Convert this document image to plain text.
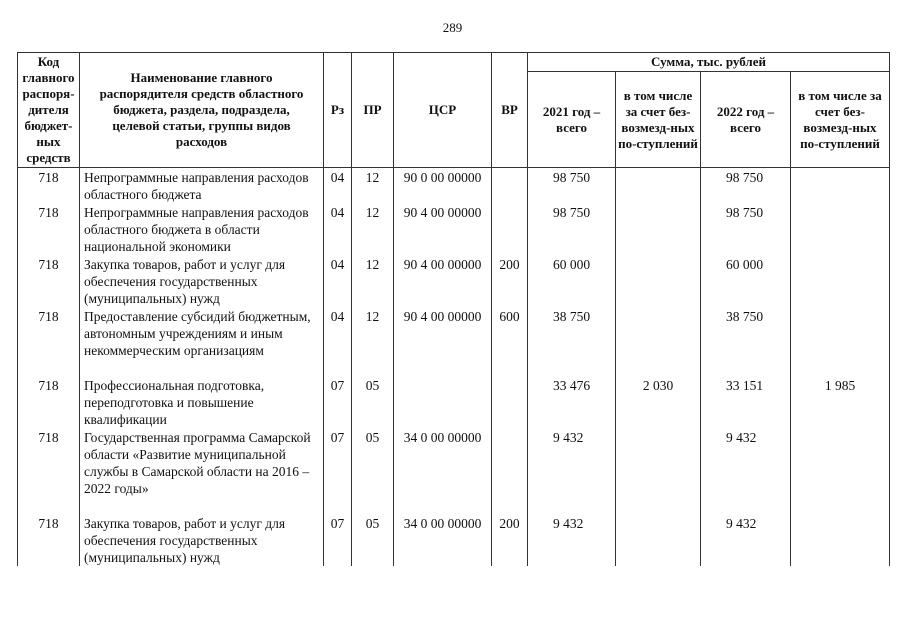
289
Код главного распоря-дителя бюджет-ных средств	Наименование главного распорядителя средств областного бюджета, раздела, подраздела, целевой статьи, группы видов расходов	Рз	ПР	ЦСР	ВР	Сумма, тыс. рублей			
						2021 год – всего	в том числе за счет без-возмезд-ных по-ступлений	2022 год – всего	в том числе за счет без-возмезд-ных по-ступлений
718	Непрограммные направления расходов областного бюджета	04	12	90 0 00 00000		98 750		98 750	
718	Непрограммные направления расходов областного бюджета в области национальной экономики	04	12	90 4 00 00000		98 750		98 750	
718	Закупка товаров, работ и услуг для обеспечения государственных (муниципальных) нужд	04	12	90 4 00 00000	200	60 000		60 000	
718	Предоставление субсидий бюджетным, автономным учреждениям и иным некоммерческим организациям	04	12	90 4 00 00000	600	38 750		38 750	
718	Профессиональная подготовка, переподготовка и повышение квалификации	07	05			33 476	2 030	33 151	1 985
718	Государственная программа Самарской области «Развитие муниципальной службы в Самарской области на 2016 – 2022 годы»	07	05	34 0 00 00000		9 432		9 432	
718	Закупка товаров, работ и услуг для обеспечения государственных (муниципальных) нужд	07	05	34 0 00 00000	200	9 432		9 432	
